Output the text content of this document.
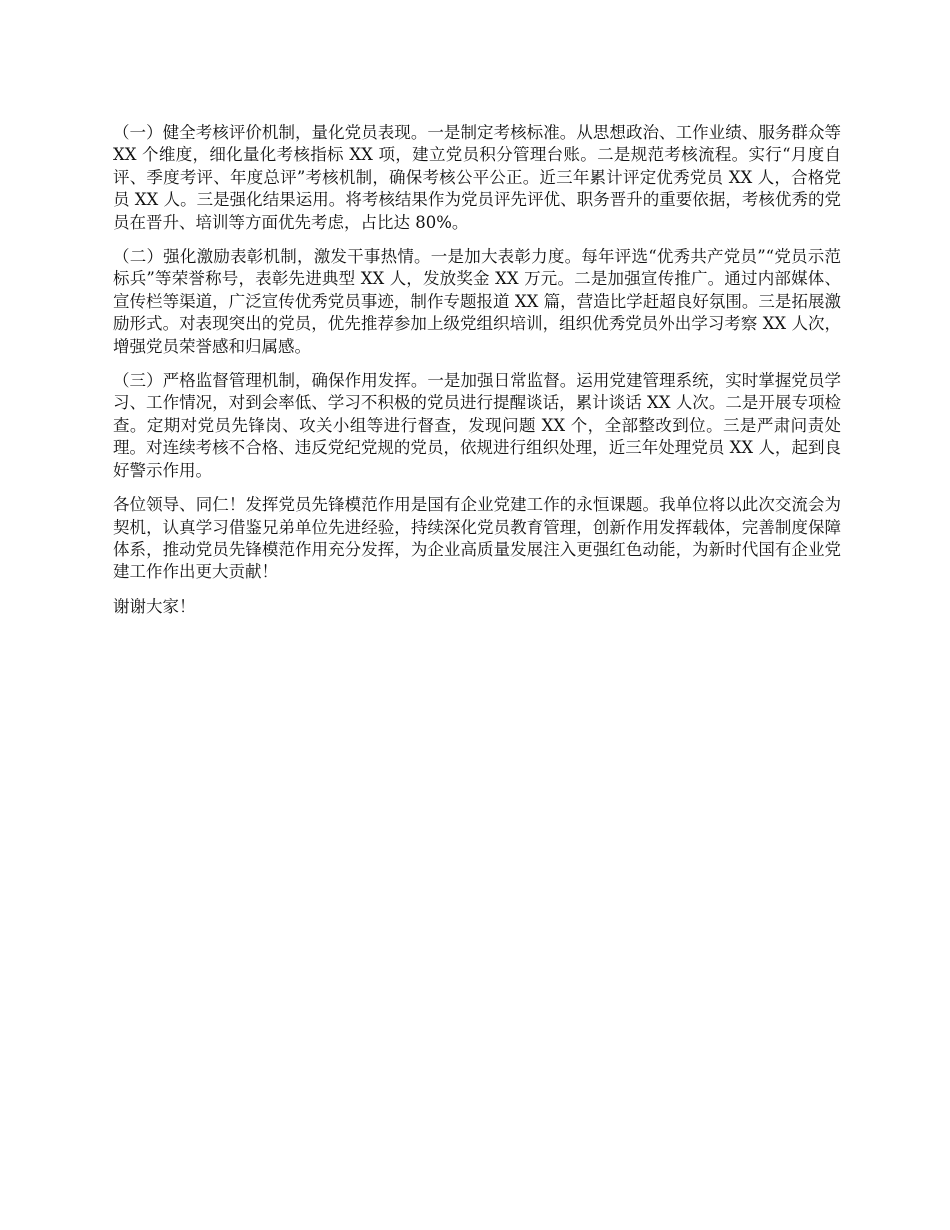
（一）健全考核评价机制，量化党员表现。一是制定考核标准。从思想政治、工作业绩、服务群众等 XX 个维度，细化量化考核指标 XX 项，建立党员积分管理台账。二是规范考核流程。实行“月度自评、季度考评、年度总评”考核机制，确保考核公平公正。近三年累计评定优秀党员 XX 人，合格党员 XX 人。三是强化结果运用。将考核结果作为党员评先评优、职务晋升的重要依据，考核优秀的党员在晋升、培训等方面优先考虑，占比达 80%。

（二）强化激励表彰机制，激发干事热情。一是加大表彰力度。每年评选“优秀共产党员”“党员示范标兵”等荣誉称号，表彰先进典型 XX 人，发放奖金 XX 万元。二是加强宣传推广。通过内部媒体、宣传栏等渠道，广泛宣传优秀党员事迹，制作专题报道 XX 篇，营造比学赶超良好氛围。三是拓展激励形式。对表现突出的党员，优先推荐参加上级党组织培训，组织优秀党员外出学习考察 XX 人次，增强党员荣誉感和归属感。

（三）严格监督管理机制，确保作用发挥。一是加强日常监督。运用党建管理系统，实时掌握党员学习、工作情况，对到会率低、学习不积极的党员进行提醒谈话，累计谈话 XX 人次。二是开展专项检查。定期对党员先锋岗、攻关小组等进行督查，发现问题 XX 个，全部整改到位。三是严肃问责处理。对连续考核不合格、违反党纪党规的党员，依规进行组织处理，近三年处理党员 XX 人，起到良好警示作用。

各位领导、同仁！发挥党员先锋模范作用是国有企业党建工作的永恒课题。我单位将以此次交流会为契机，认真学习借鉴兄弟单位先进经验，持续深化党员教育管理，创新作用发挥载体，完善制度保障体系，推动党员先锋模范作用充分发挥，为企业高质量发展注入更强红色动能，为新时代国有企业党建工作作出更大贡献！

谢谢大家！
